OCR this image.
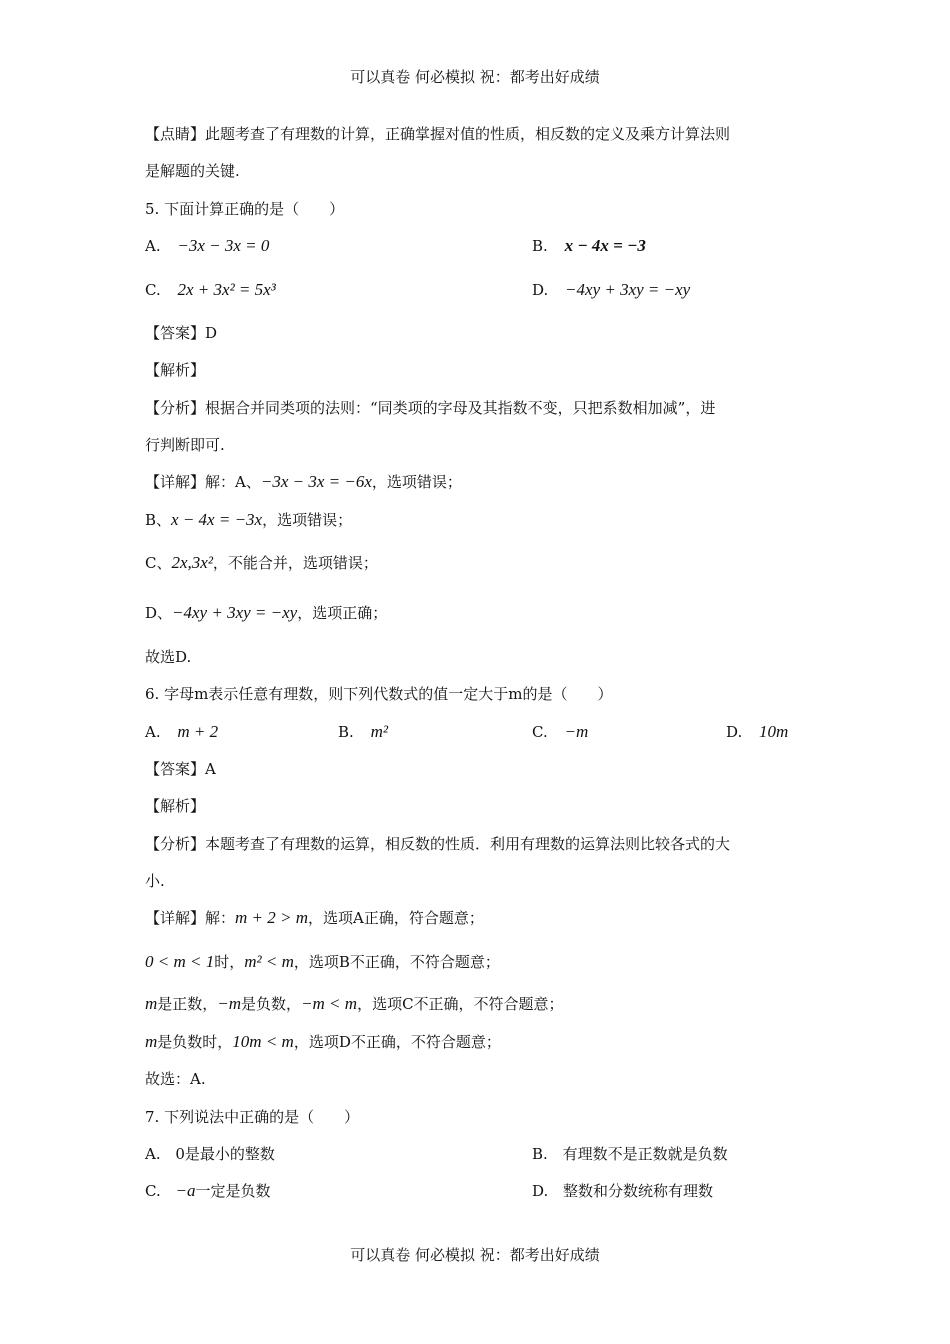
可以真卷 何必模拟 祝：都考出好成绩
【点睛】此题考查了有理数的计算，正确掌握对值的性质，相反数的定义及乘方计算法则
是解题的关键.
5. 下面计算正确的是（　　）
A. −3x − 3x = 0	B. x − 4x = −3
C. 2x + 3x² = 5x³	D. −4xy + 3xy = −xy
【答案】D
【解析】
【分析】根据合并同类项的法则：“同类项的字母及其指数不变，只把系数相加减”，进
行判断即可.
【详解】解：A、−3x − 3x = −6x，选项错误；
B、x − 4x = −3x，选项错误；
C、2x,3x²，不能合并，选项错误；
D、−4xy + 3xy = −xy，选项正确；
故选D.
6. 字母m表示任意有理数，则下列代数式的值一定大于m的是（　　）
A. m + 2	B. m²	C. −m	D. 10m
【答案】A
【解析】
【分析】本题考查了有理数的运算，相反数的性质．利用有理数的运算法则比较各式的大
小.
【详解】解：m + 2 > m，选项A正确，符合题意；
0 < m < 1时，m² < m，选项B不正确，不符合题意；
m是正数，−m是负数，−m < m，选项C不正确，不符合题意；
m是负数时，10m < m，选项D不正确，不符合题意；
故选：A.
7. 下列说法中正确的是（　　）
A. 0是最小的整数	B. 有理数不是正数就是负数
C. −a一定是负数	D. 整数和分数统称有理数
可以真卷 何必模拟 祝：都考出好成绩
